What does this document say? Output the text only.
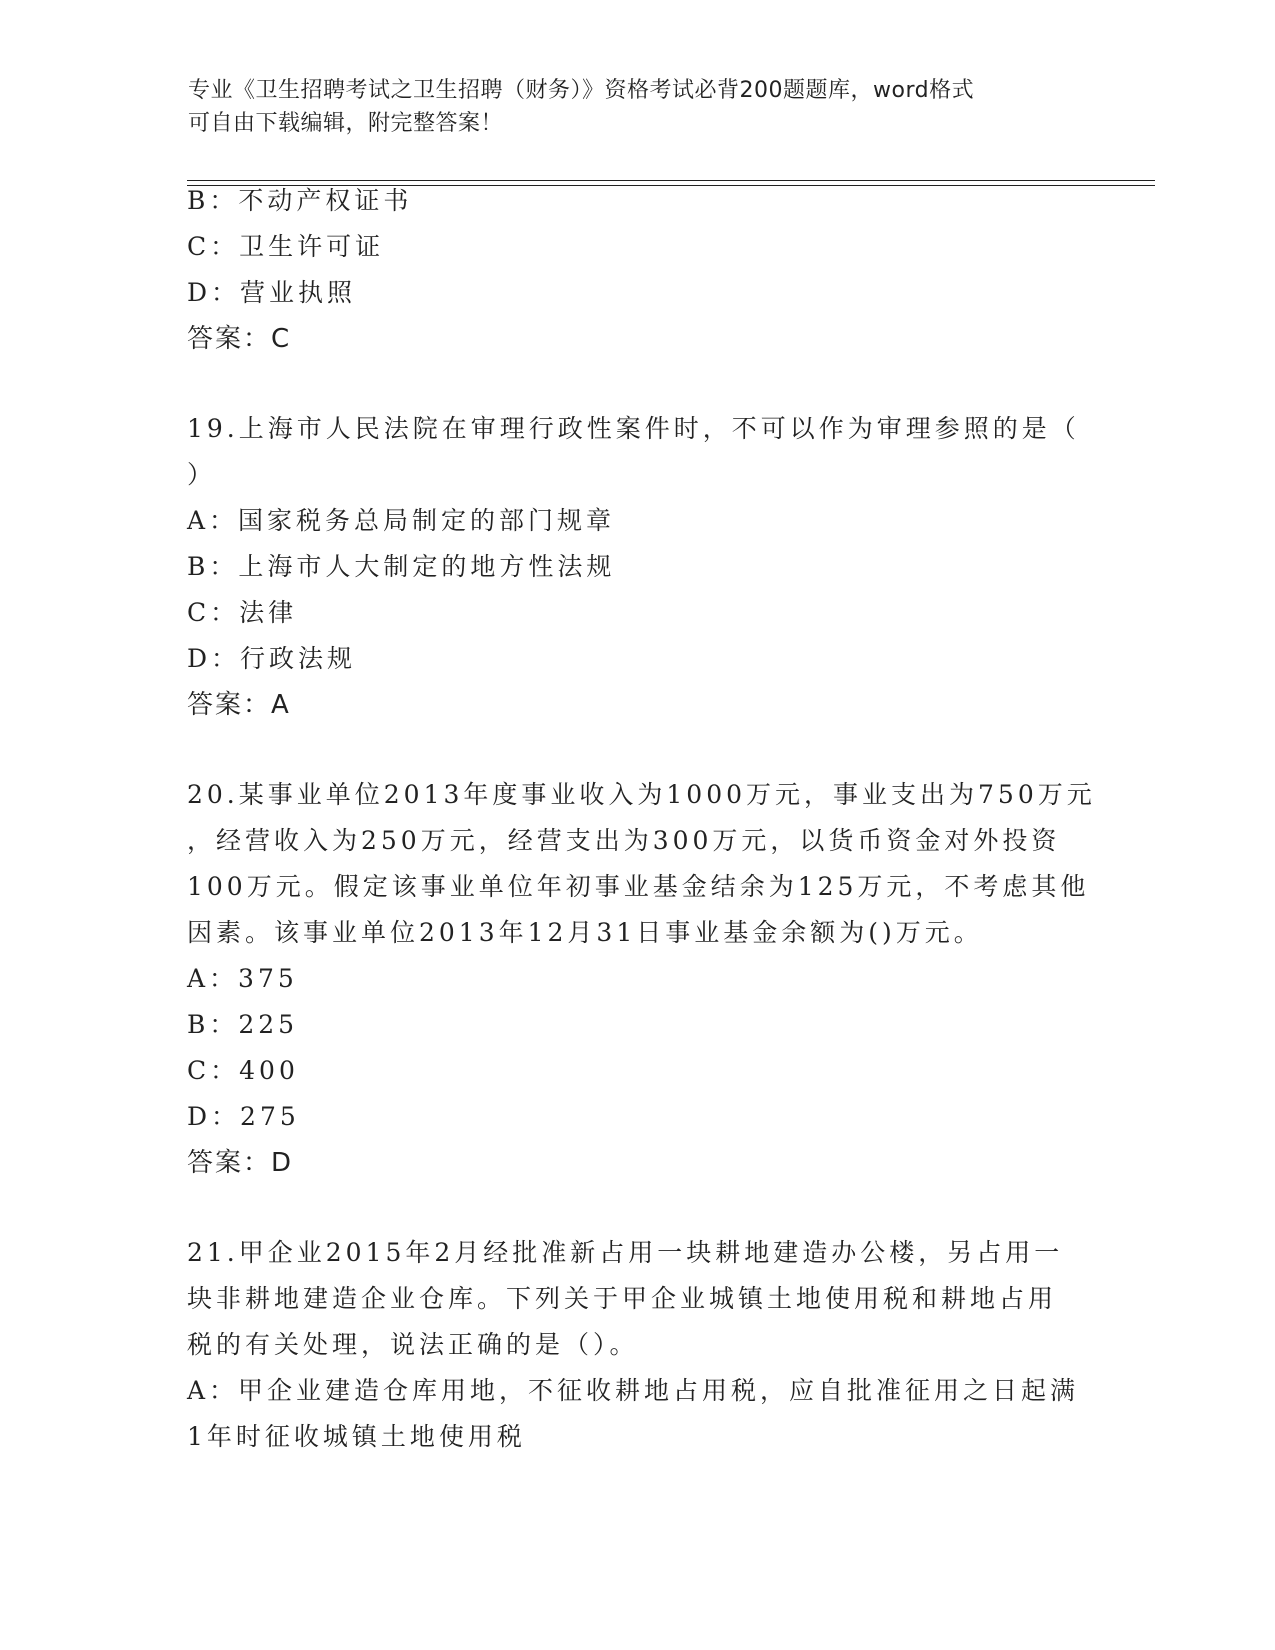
专业《卫生招聘考试之卫生招聘（财务）》资格考试必背200题题库，word格式
可自由下载编辑，附完整答案！
B：不动产权证书
C：卫生许可证
D：营业执照
答案：C
19.上海市人民法院在审理行政性案件时，不可以作为审理参照的是（
）
A：国家税务总局制定的部门规章
B：上海市人大制定的地方性法规
C：法律
D：行政法规
答案：A
20.某事业单位2013年度事业收入为1000万元，事业支出为750万元
，经营收入为250万元，经营支出为300万元，以货币资金对外投资
100万元。假定该事业单位年初事业基金结余为125万元，不考虑其他
因素。该事业单位2013年12月31日事业基金余额为()万元。
A：375
B：225
C：400
D：275
答案：D
21.甲企业2015年2月经批准新占用一块耕地建造办公楼，另占用一
块非耕地建造企业仓库。下列关于甲企业城镇土地使用税和耕地占用
税的有关处理，说法正确的是（）。
A：甲企业建造仓库用地，不征收耕地占用税，应自批准征用之日起满
1年时征收城镇土地使用税
